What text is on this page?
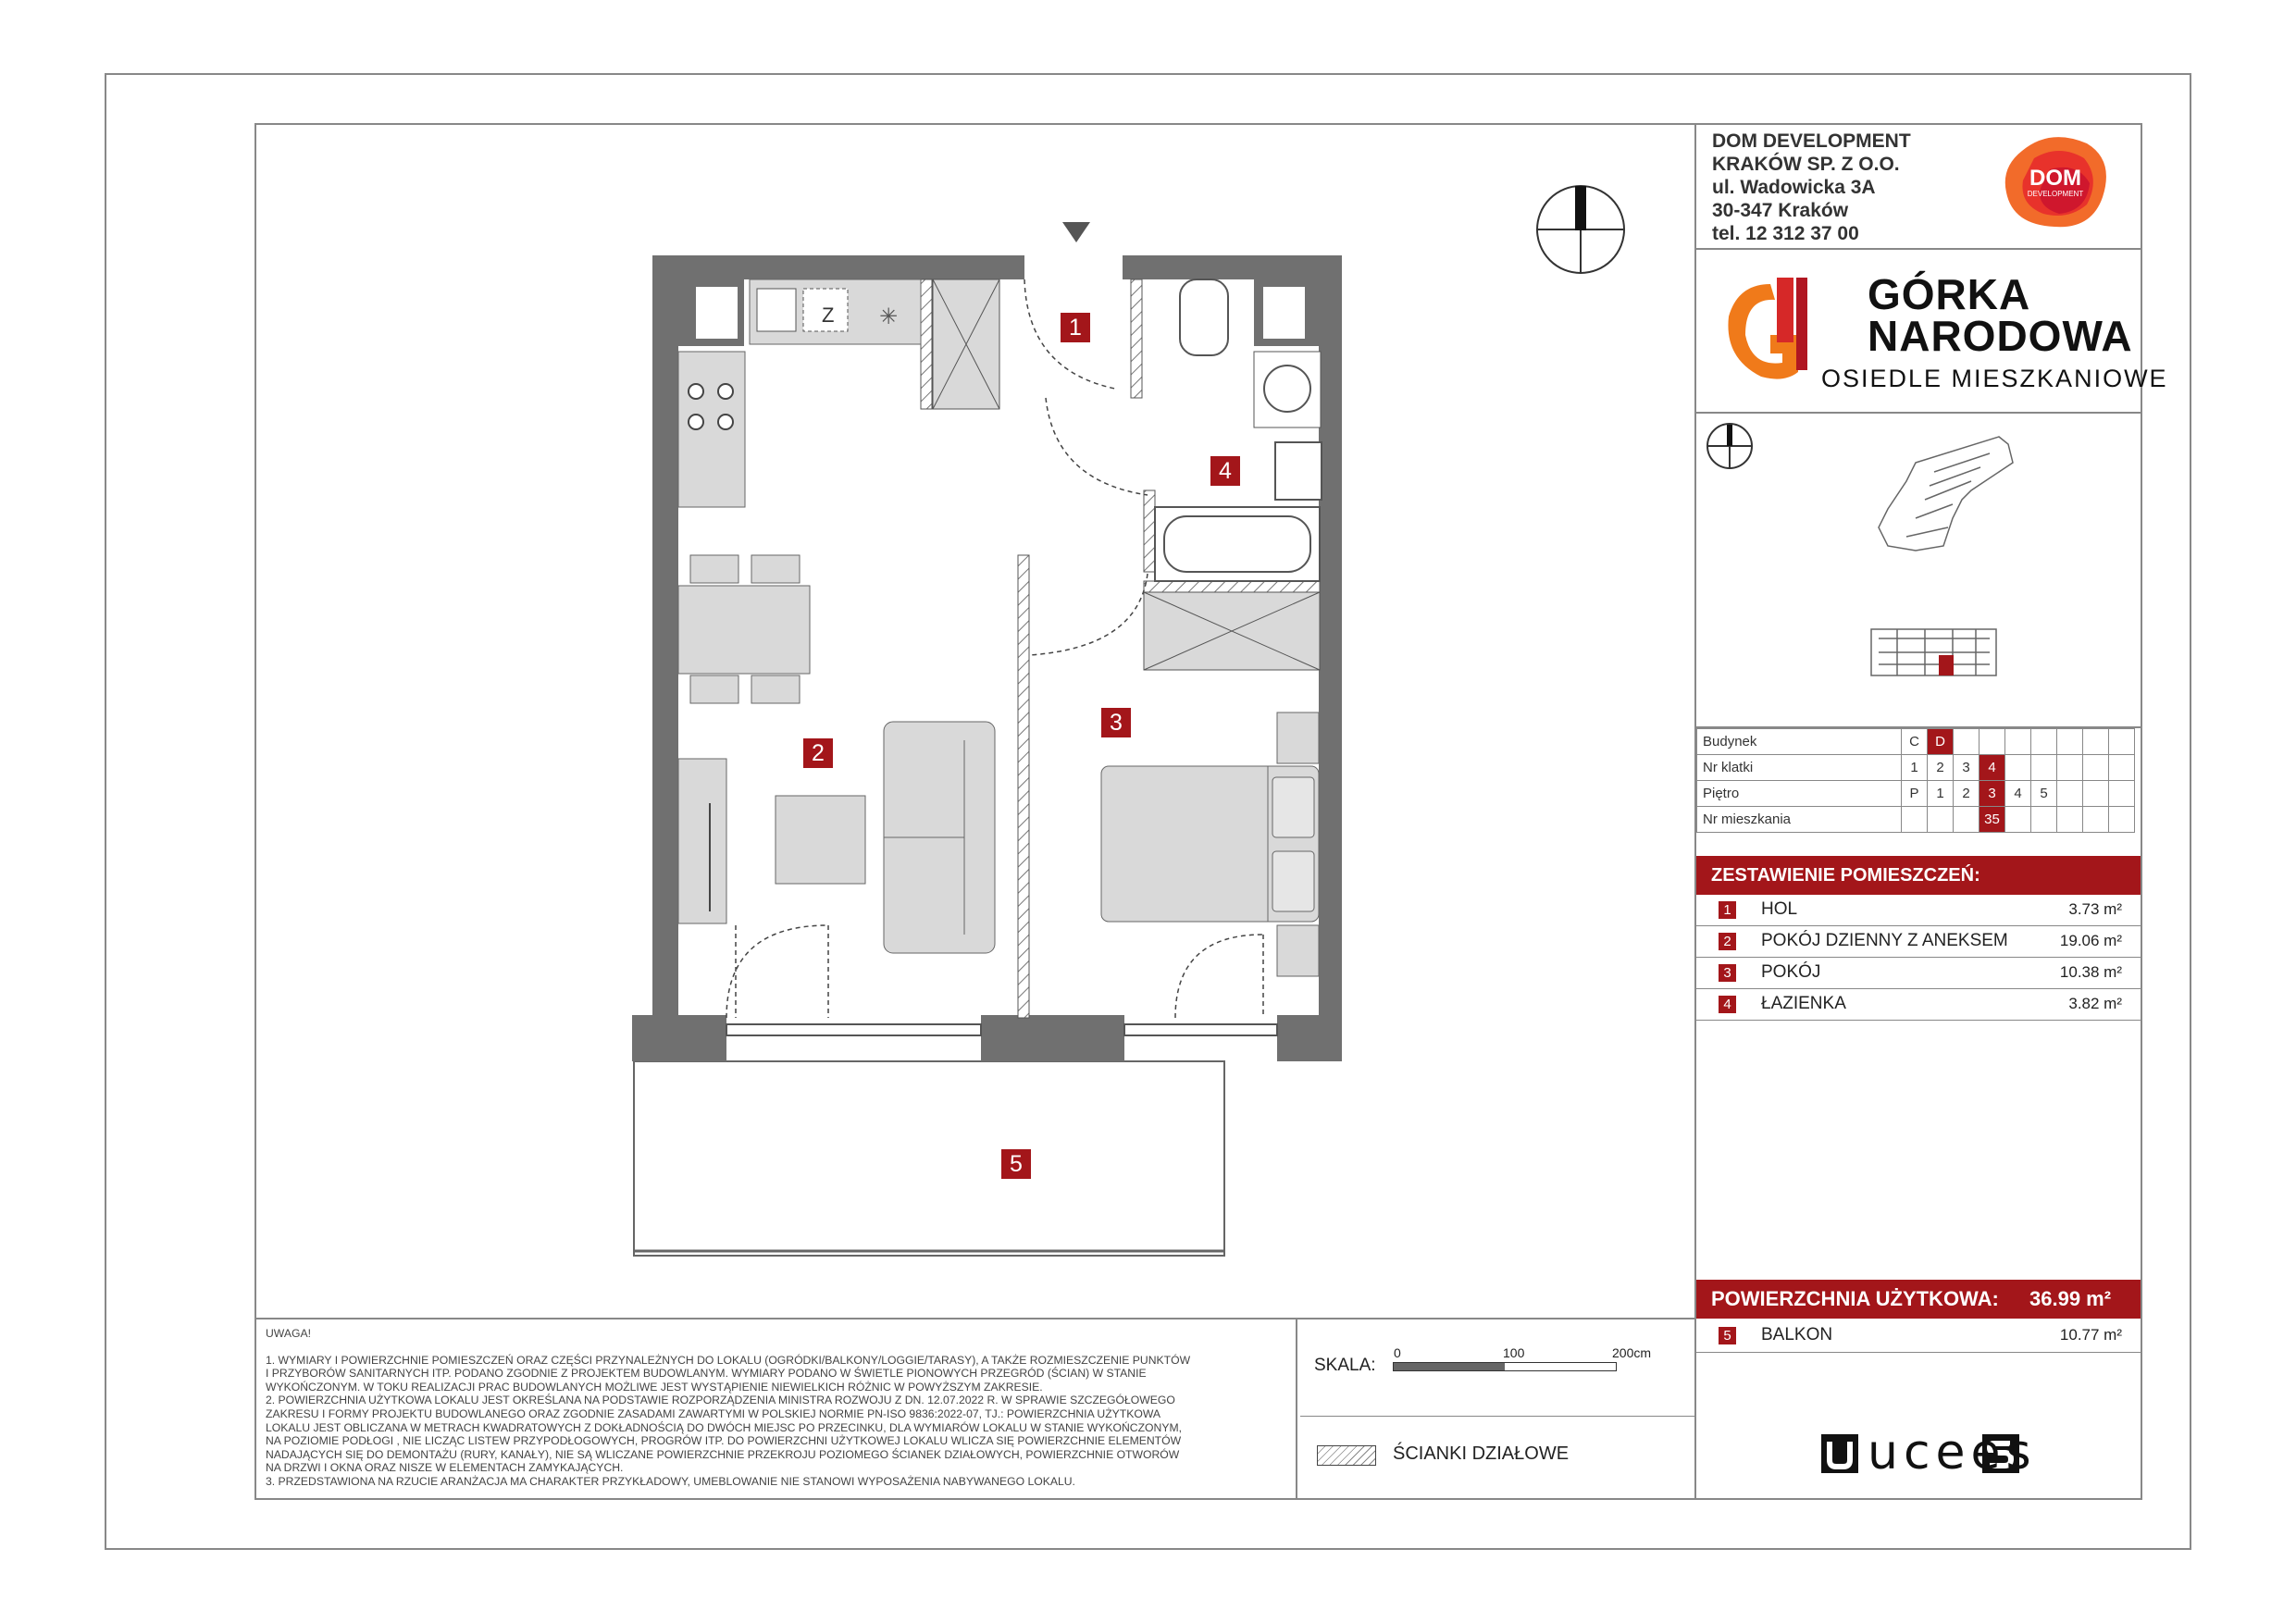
DOM DEVELOPMENT
KRAKÓW SP. Z O.O.
ul. Wadowicka 3A
30-347 Kraków
tel. 12 312 37 00
DOM
DEVELOPMENT
GÓRKA
NARODOWA
OSIEDLE MIESZKANIOWE
Budynek	C	D							
Nr klatki	1	2	3	4					
Piętro	P	1	2	3	4	5			
Nr mieszkania				35					
ZESTAWIENIE POMIESZCZEŃ:
1 HOL	3.73 m²
2 POKÓJ DZIENNY Z ANEKSEM	19.06 m²
3 POKÓJ	10.38 m²
4 ŁAZIENKA	3.82 m²
POWIERZCHNIA UŻYTKOWA: 36.99 m²
5 BALKON	10.77 m²
ucees
UWAGA!
1. WYMIARY I POWIERZCHNIE POMIESZCZEŃ ORAZ CZĘŚCI PRZYNALEŻNYCH DO LOKALU (OGRÓDKI/BALKONY/LOGGIE/TARASY), A TAKŻE ROZMIESZCZENIE PUNKTÓW
I PRZYBORÓW SANITARNYCH ITP. PODANO ZGODNIE Z PROJEKTEM BUDOWLANYM. WYMIARY PODANO W ŚWIETLE PIONOWYCH PRZEGRÓD (ŚCIAN) W STANIE
WYKOŃCZONYM. W TOKU REALIZACJI PRAC BUDOWLANYCH MOŻLIWE JEST WYSTĄPIENIE NIEWIELKICH RÓŻNIC W POWYŻSZYM ZAKRESIE.
2. POWIERZCHNIA UŻYTKOWA LOKALU JEST OKREŚLANA NA PODSTAWIE ROZPORZĄDZENIA MINISTRA ROZWOJU Z DN. 12.07.2022 R. W SPRAWIE SZCZEGÓŁOWEGO
ZAKRESU I FORMY PROJEKTU BUDOWLANEGO ORAZ ZGODNIE ZASADAMI ZAWARTYMI W POLSKIEJ NORMIE PN-ISO 9836:2022-07, TJ.: POWIERZCHNIA UŻYTKOWA
LOKALU JEST OBLICZANA W METRACH KWADRATOWYCH Z DOKŁADNOŚCIĄ DO DWÓCH MIEJSC PO PRZECINKU, DLA WYMIARÓW LOKALU W STANIE WYKOŃCZONYM,
NA POZIOMIE PODŁOGI , NIE LICZĄC LISTEW PRZYPODŁOGOWYCH, PROGRÓW ITP. DO POWIERZCHNI UŻYTKOWEJ LOKALU WLICZA SIĘ POWIERZCHNIE ELEMENTÓW
NADAJĄCYCH SIĘ DO DEMONTAŻU (RURY, KANAŁY), NIE SĄ WLICZANE POWIERZCHNIE PRZEKROJU POZIOMEGO ŚCIANEK DZIAŁOWYCH, POWIERZCHNIE OTWORÓW
NA DRZWI I OKNA ORAZ NISZE W ELEMENTACH ZAMYKAJĄCYCH.
3. PRZEDSTAWIONA NA RZUCIE ARANŻACJA MA CHARAKTER PRZYKŁADOWY, UMEBLOWANIE NIE STANOWI WYPOSAŻENIA NABYWANEGO LOKALU.
SKALA:
0	100	200cm
ŚCIANKI DZIAŁOWE
Z ✳	1
2
3
4
5
